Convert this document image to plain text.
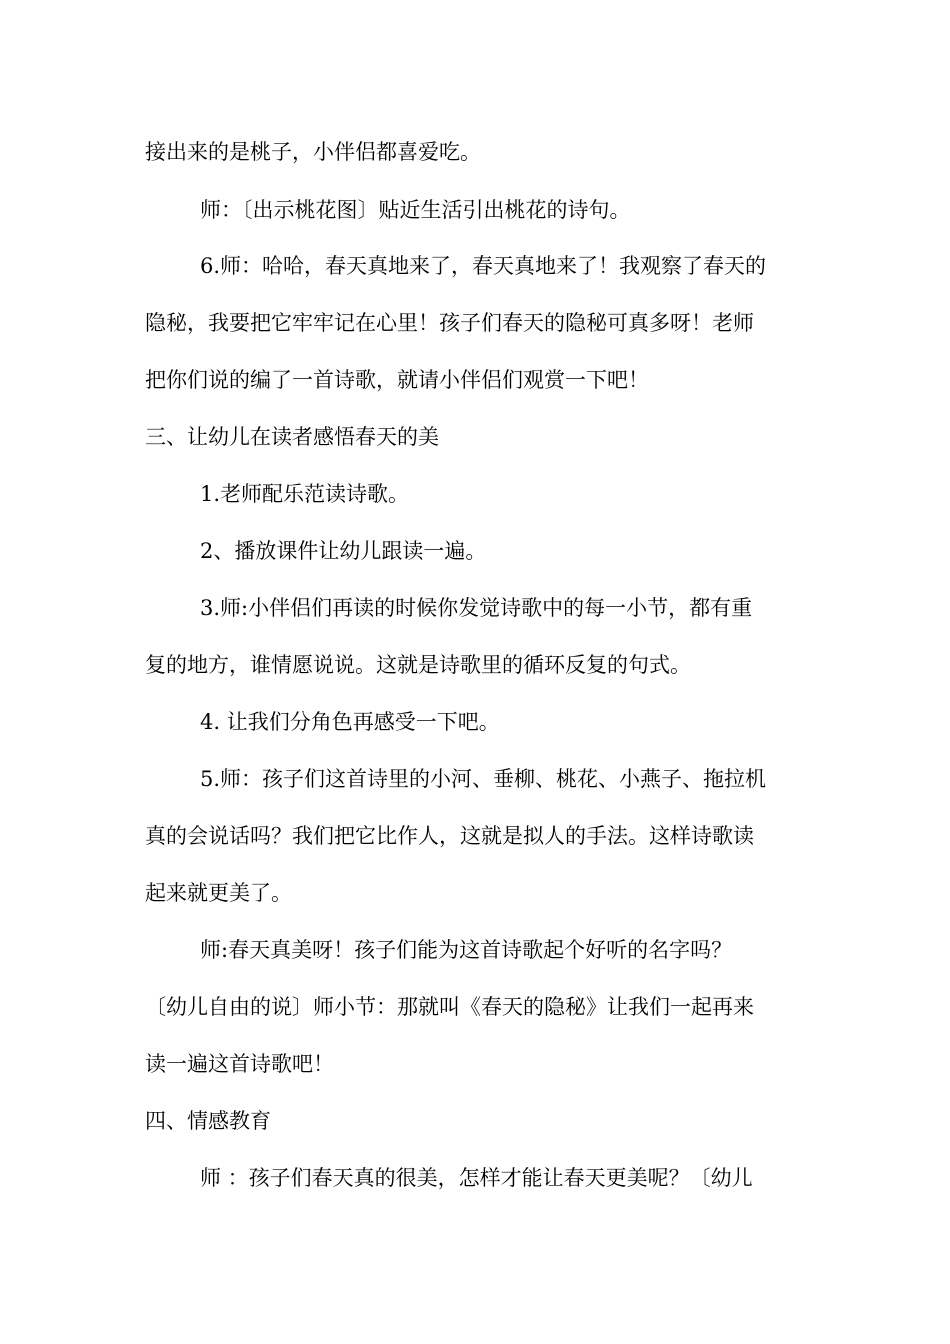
接出来的是桃子，小伴侣都喜爱吃。
师：〔出示桃花图〕贴近生活引出桃花的诗句。
6.师：哈哈，春天真地来了，春天真地来了！我观察了春天的
隐秘，我要把它牢牢记在心里！孩子们春天的隐秘可真多呀！老师
把你们说的编了一首诗歌，就请小伴侣们观赏一下吧！
三、让幼儿在读者感悟春天的美
1.老师配乐范读诗歌。
2、播放课件让幼儿跟读一遍。
3.师:小伴侣们再读的时候你发觉诗歌中的每一小节，都有重
复的地方，谁情愿说说。这就是诗歌里的循环反复的句式。
4. 让我们分角色再感受一下吧。
5.师：孩子们这首诗里的小河、垂柳、桃花、小燕子、拖拉机
真的会说话吗？我们把它比作人，这就是拟人的手法。这样诗歌读
起来就更美了。
师:春天真美呀！孩子们能为这首诗歌起个好听的名字吗？
〔幼儿自由的说〕师小节：那就叫《春天的隐秘》让我们一起再来
读一遍这首诗歌吧！
四、情感教育
师 ：孩子们春天真的很美，怎样才能让春天更美呢？〔幼儿
